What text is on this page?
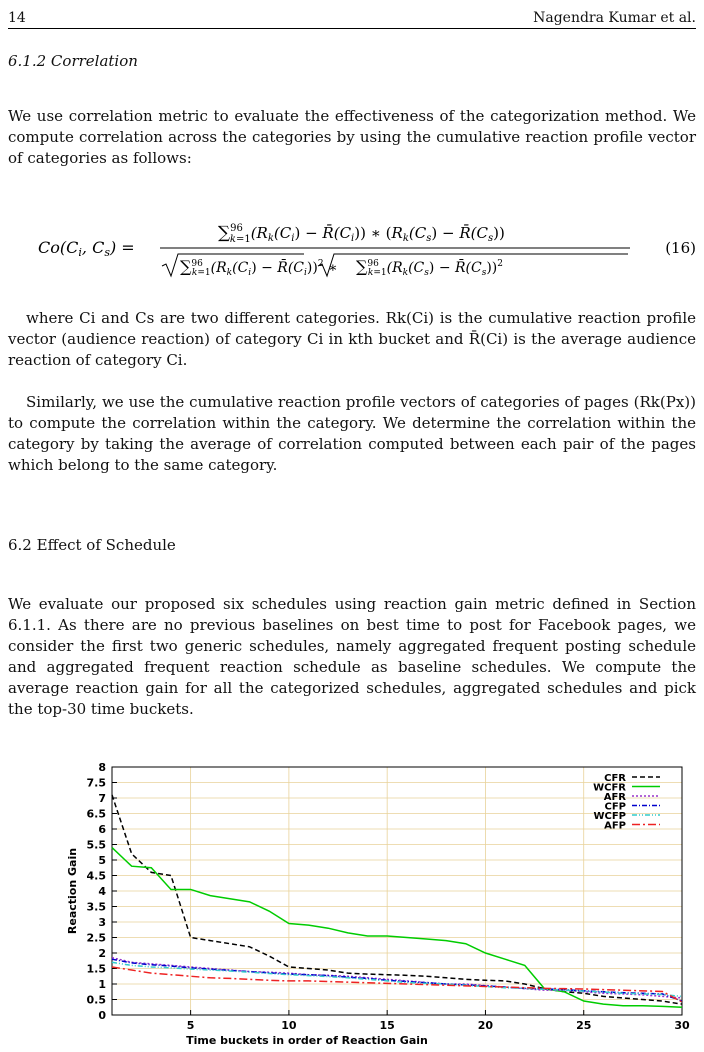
14	Nagendra Kumar et al.
6.1.2 Correlation
We use correlation metric to evaluate the effectiveness of the categorization method. We compute correlation across the categories by using the cumulative reaction profile vector of categories as follows:
Co(Ci, Cs) =
∑$^{96}$ $k=1(R_k(C_i)$ − $R̄(C_i)$) ∗ ($R_k(C_s)$ − $R̄(C_s)$)
∑$^{96}$ $k=1(R_k(C_i)$ − $R̄(C_i))^2$ ∗ ∑$^{96}$ $k=1(R_k(C_s)$ − $R̄(C_s))^2$
(16)
where Ci and Cs are two different categories. Rk(Ci) is the cumulative reaction profile vector (audience reaction) of category Ci in kth bucket and R̄(Ci) is the average audience reaction of category Ci.
Similarly, we use the cumulative reaction profile vectors of categories of pages (Rk(Px)) to compute the correlation within the category. We determine the correlation within the category by taking the average of correlation computed between each pair of the pages which belong to the same category.
6.2 Effect of Schedule
We evaluate our proposed six schedules using reaction gain metric defined in Section 6.1.1. As there are no previous baselines on best time to post for Facebook pages, we consider the first two generic schedules, namely aggregated frequent posting schedule and aggregated frequent reaction schedule as baseline schedules. We compute the average reaction gain for all the categorized schedules, aggregated schedules and pick the top-30 time buckets.
0
0.5
1
1.5
2
2.5
3
3.5
4
4.5
5
5.5
6
6.5
7
7.5
8
5	10	15	20	25	30
Time buckets in order of Reaction Gain
Reaction Gain
CFR
WCFR
AFR
CFP
WCFP
AFP
